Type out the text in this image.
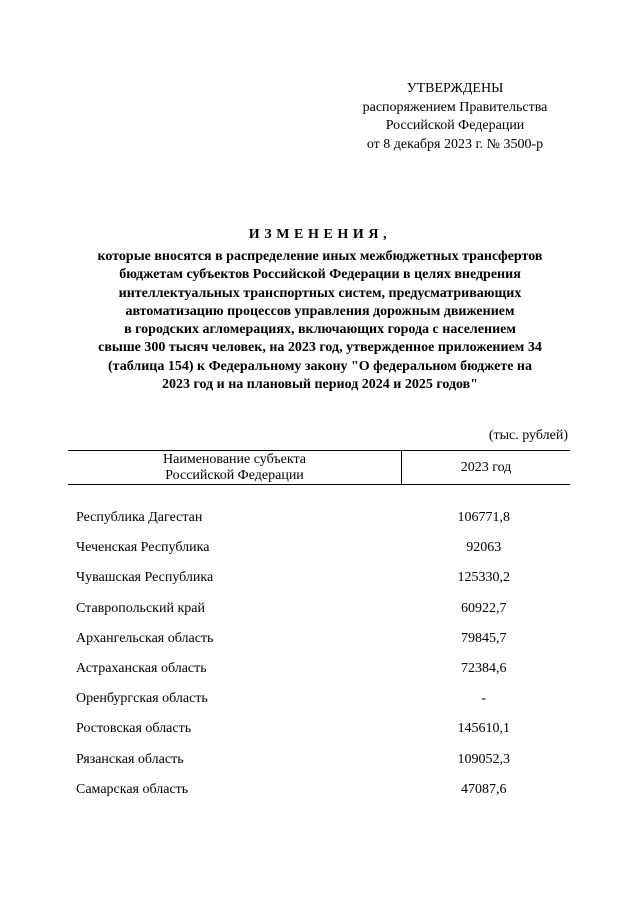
УТВЕРЖДЕНЫ
распоряжением Правительства
Российской Федерации
от 8 декабря 2023 г. № 3500-р
ИЗМЕНЕНИЯ,
которые вносятся в распределение иных межбюджетных трансфертов
бюджетам субъектов Российской Федерации в целях внедрения
интеллектуальных транспортных систем, предусматривающих
автоматизацию процессов управления дорожным движением
в городских агломерациях, включающих города с населением
свыше 300 тысяч человек, на 2023 год, утвержденное приложением 34
(таблица 154) к Федеральному закону "О федеральном бюджете на
2023 год и на плановый период 2024 и 2025 годов"
(тыс. рублей)
Наименование субъекта
Российской Федерации	2023 год
Республика Дагестан	106771,8
Чеченская Республика	92063
Чувашская Республика	125330,2
Ставропольский край	60922,7
Архангельская область	79845,7
Астраханская область	72384,6
Оренбургская область	-
Ростовская область	145610,1
Рязанская область	109052,3
Самарская область	47087,6
